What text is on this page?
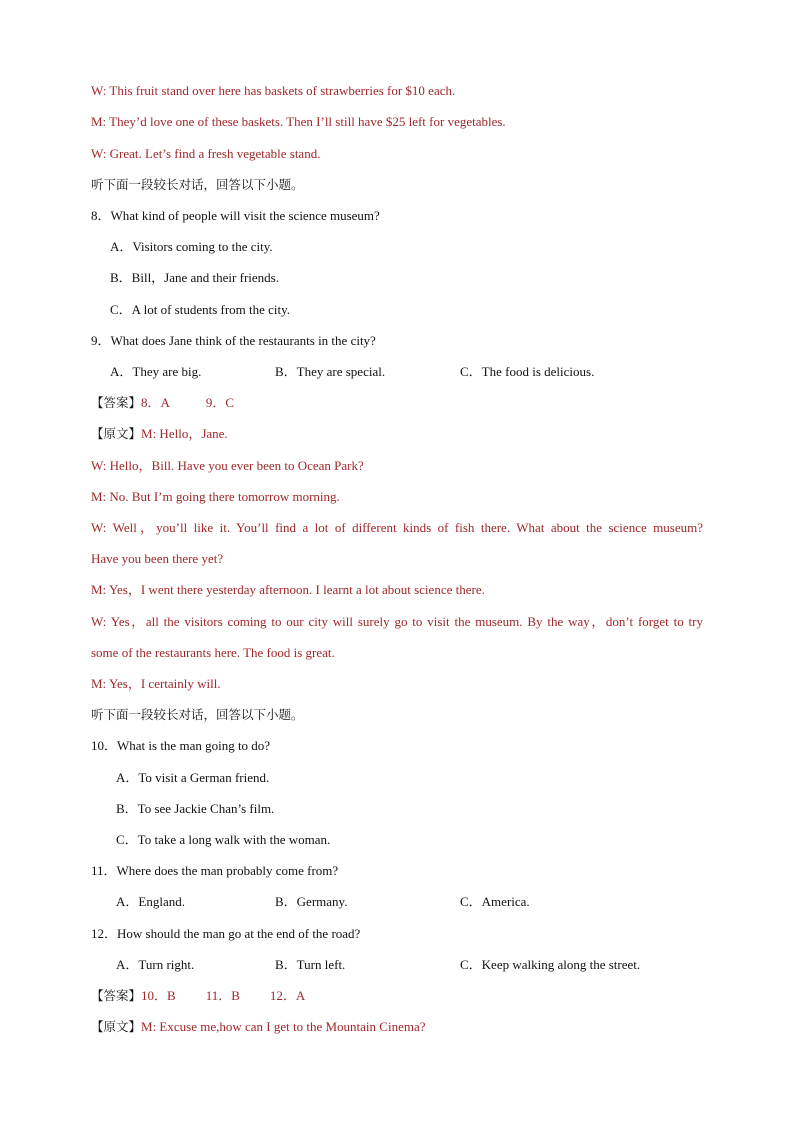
W: This fruit stand over here has baskets of strawberries for $10 each.
M: They’d love one of these baskets. Then I’ll still have $25 left for vegetables.
W: Great. Let’s find a fresh vegetable stand.
听下面一段较长对话，回答以下小题。
8．What kind of people will visit the science museum?
A．Visitors coming to the city.
B．Bill，Jane and their friends.
C．A lot of students from the city.
9．What does Jane think of the restaurants in the city?
A．They are big.	B．They are special.	C．The food is delicious.
【答案】8．A	9．C
【原文】M: Hello，Jane.
W: Hello，Bill. Have you ever been to Ocean Park?
M: No. But I’m going there tomorrow morning.
W: Well，you’ll like it. You’ll find a lot of different kinds of fish there. What about the science museum?
Have you been there yet?
M: Yes，I went there yesterday afternoon. I learnt a lot about science there.
W: Yes，all the visitors coming to our city will surely go to visit the museum. By the way，don’t forget to try
some of the restaurants here. The food is great.
M: Yes，I certainly will.
听下面一段较长对话，回答以下小题。
10．What is the man going to do?
A．To visit a German friend.
B．To see Jackie Chan’s film.
C．To take a long walk with the woman.
11．Where does the man probably come from?
A．England.	B．Germany.	C．America.
12．How should the man go at the end of the road?
A．Turn right.	B．Turn left.	C．Keep walking along the street.
【答案】10．B 11．B 12．A
【原文】M: Excuse me,how can I get to the Mountain Cinema?
